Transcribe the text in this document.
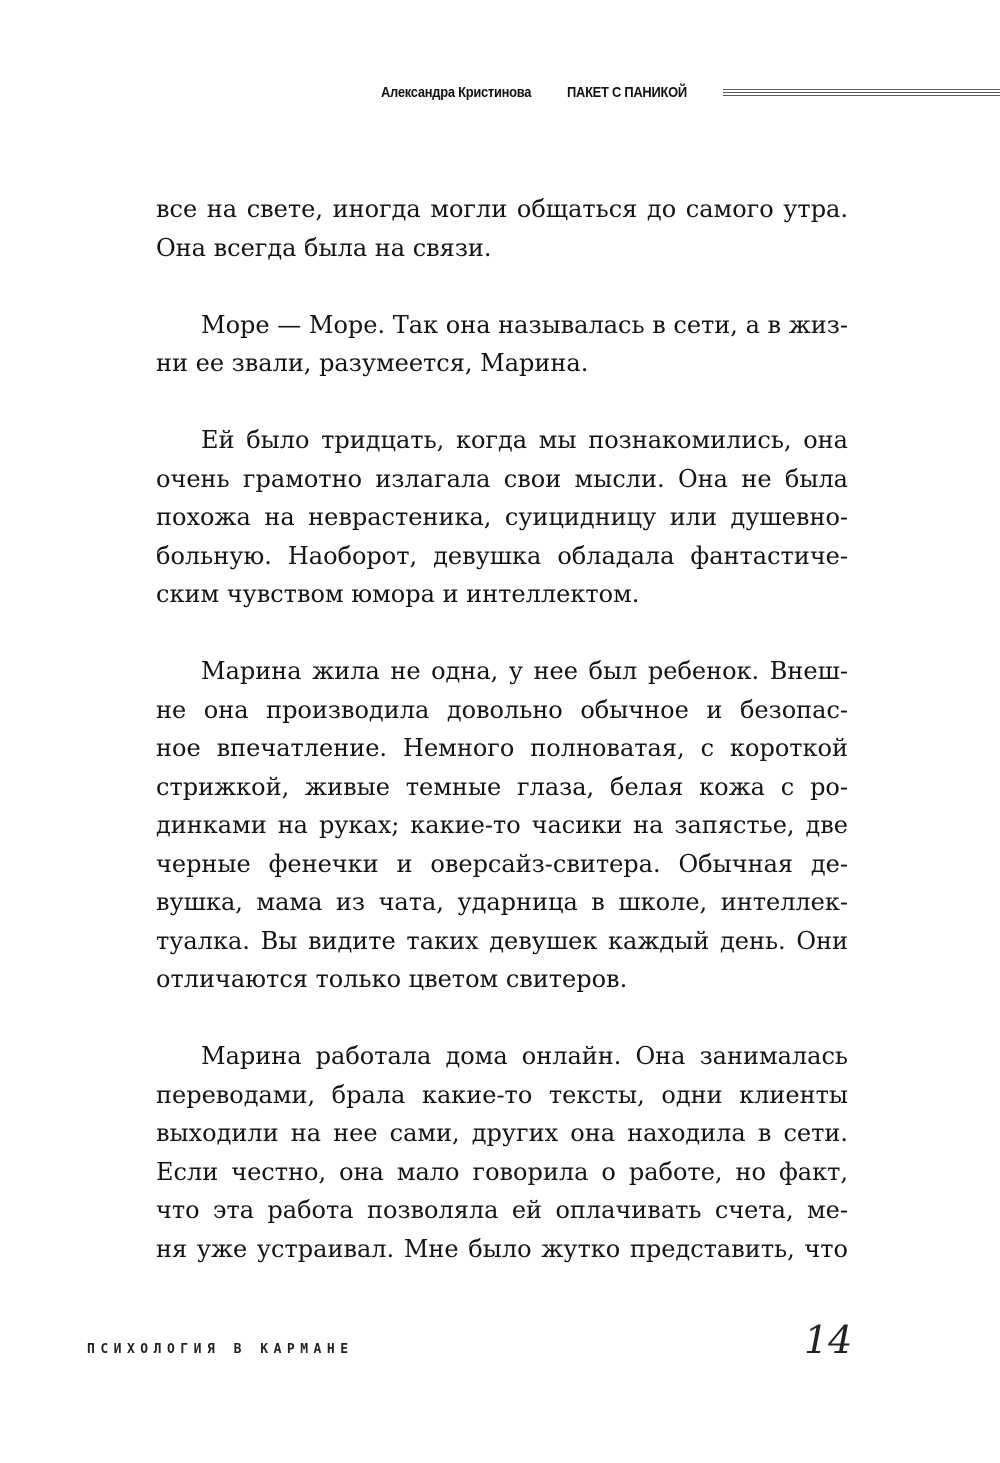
Александра Кристинова	ПАКЕТ С ПАНИКОЙ

все на свете, иногда могли общаться до самого утра.
Она всегда была на связи.

Море — Море. Так она называлась в сети, а в жиз-
ни ее звали, разумеется, Марина.

Ей было тридцать, когда мы познакомились, она
очень грамотно излагала свои мысли. Она не была
похожа на неврастеника, суицидницу или душевно-
больную. Наоборот, девушка обладала фантастиче-
ским чувством юмора и интеллектом.

Марина жила не одна, у нее был ребенок. Внеш-
не она производила довольно обычное и безопас-
ное впечатление. Немного полноватая, с короткой
стрижкой, живые темные глаза, белая кожа с ро-
динками на руках; какие-то часики на запястье, две
черные фенечки и оверсайз-свитера. Обычная де-
вушка, мама из чата, ударница в школе, интеллек-
туалка. Вы видите таких девушек каждый день. Они
отличаются только цветом свитеров.

Марина работала дома онлайн. Она занималась
переводами, брала какие-то тексты, одни клиенты
выходили на нее сами, других она находила в сети.
Если честно, она мало говорила о работе, но факт,
что эта работа позволяла ей оплачивать счета, ме-
ня уже устраивал. Мне было жутко представить, что

ПСИХОЛОГИЯ В КАРМАНЕ	14
